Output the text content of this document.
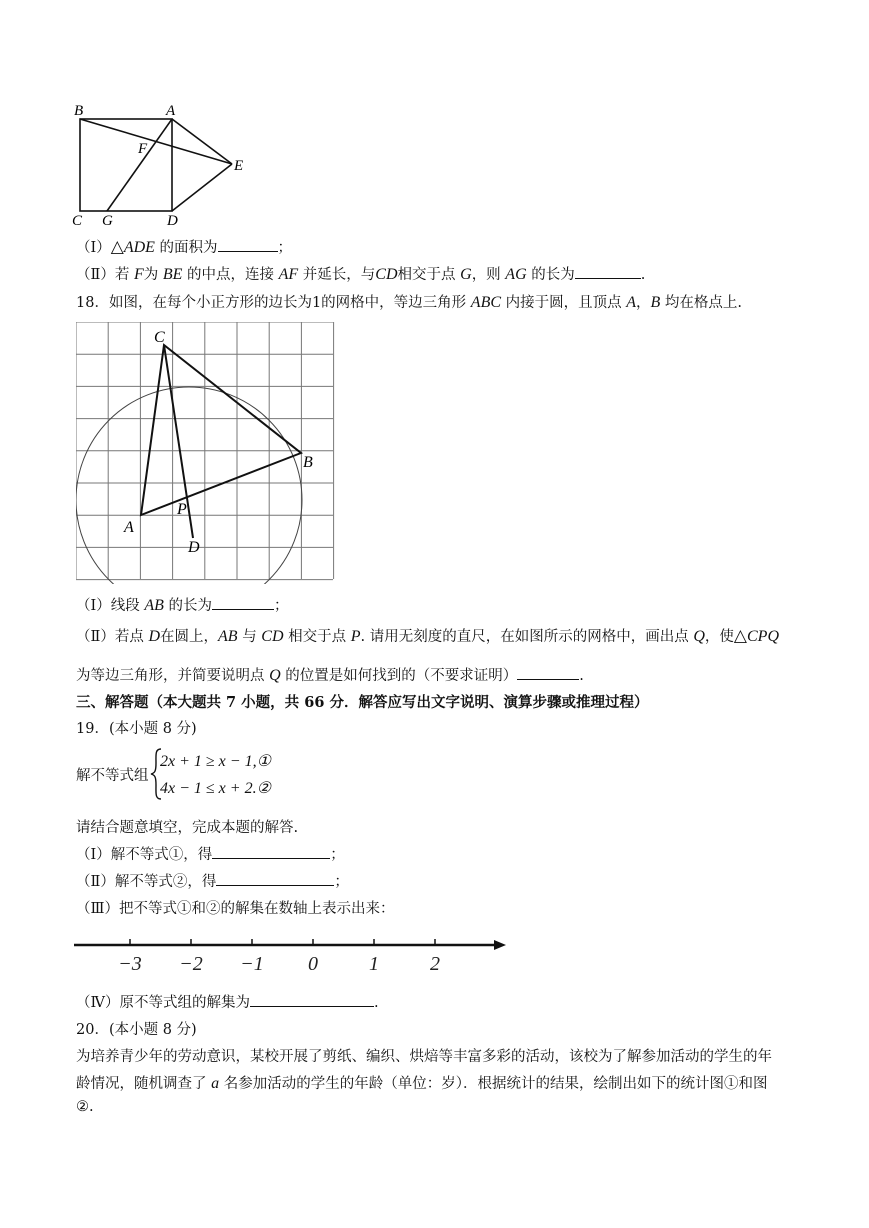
B	A
F
E
C G	D
（Ⅰ）△ADE 的面积为	；
（Ⅱ）若 F为 BE 的中点，连接 AF 并延长，与CD相交于点 G，则 AG 的长为	.
18．如图，在每个小正方形的边长为1的网格中，等边三角形 ABC 内接于圆，且顶点 A，B 均在格点上.
C
B
A
P
D
（Ⅰ）线段 AB 的长为	；
（Ⅱ）若点 D在圆上，AB 与 CD 相交于点 P. 请用无刻度的直尺，在如图所示的网格中，画出点 Q，使△CPQ
为等边三角形，并简要说明点 Q 的位置是如何找到的（不要求证明）	.
三、解答题（本大题共 7 小题，共 66 分．解答应写出文字说明、演算步骤或推理过程）
19．(本小题 8 分)
解不等式组
2x + 1 ≥ x − 1,①
4x − 1 ≤ x + 2.②
请结合题意填空，完成本题的解答.
（Ⅰ）解不等式①，得	；
（Ⅱ）解不等式②，得	；
（Ⅲ）把不等式①和②的解集在数轴上表示出来：
−3 −2 −1 0	1	2
（Ⅳ）原不等式组的解集为	.
20．(本小题 8 分)
为培养青少年的劳动意识，某校开展了剪纸、编织、烘焙等丰富多彩的活动，该校为了解参加活动的学生的年
龄情况，随机调查了 a 名参加活动的学生的年龄（单位：岁）．根据统计的结果，绘制出如下的统计图①和图
②.
